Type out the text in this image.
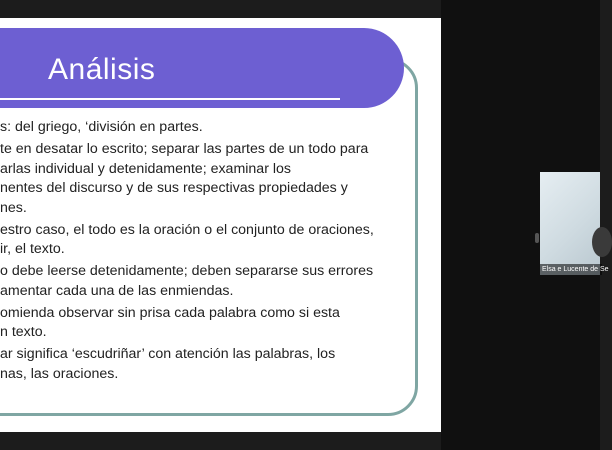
Análisis
s: del griego, ‘división en partes.
te en desatar lo escrito; separar las partes de un todo para
arlas individual y detenidamente; examinar los
nentes del discurso y de sus respectivas propiedades y
nes.
estro caso, el todo es la oración o el conjunto de oraciones,
ir, el texto.
o debe leerse detenidamente; deben separarse sus errores
amentar cada una de las enmiendas.
omienda observar sin prisa cada palabra como si esta
n texto.
ar significa ‘escudriñar’ con atención las palabras, los
nas, las oraciones.
Elsa e Lucente de Se
